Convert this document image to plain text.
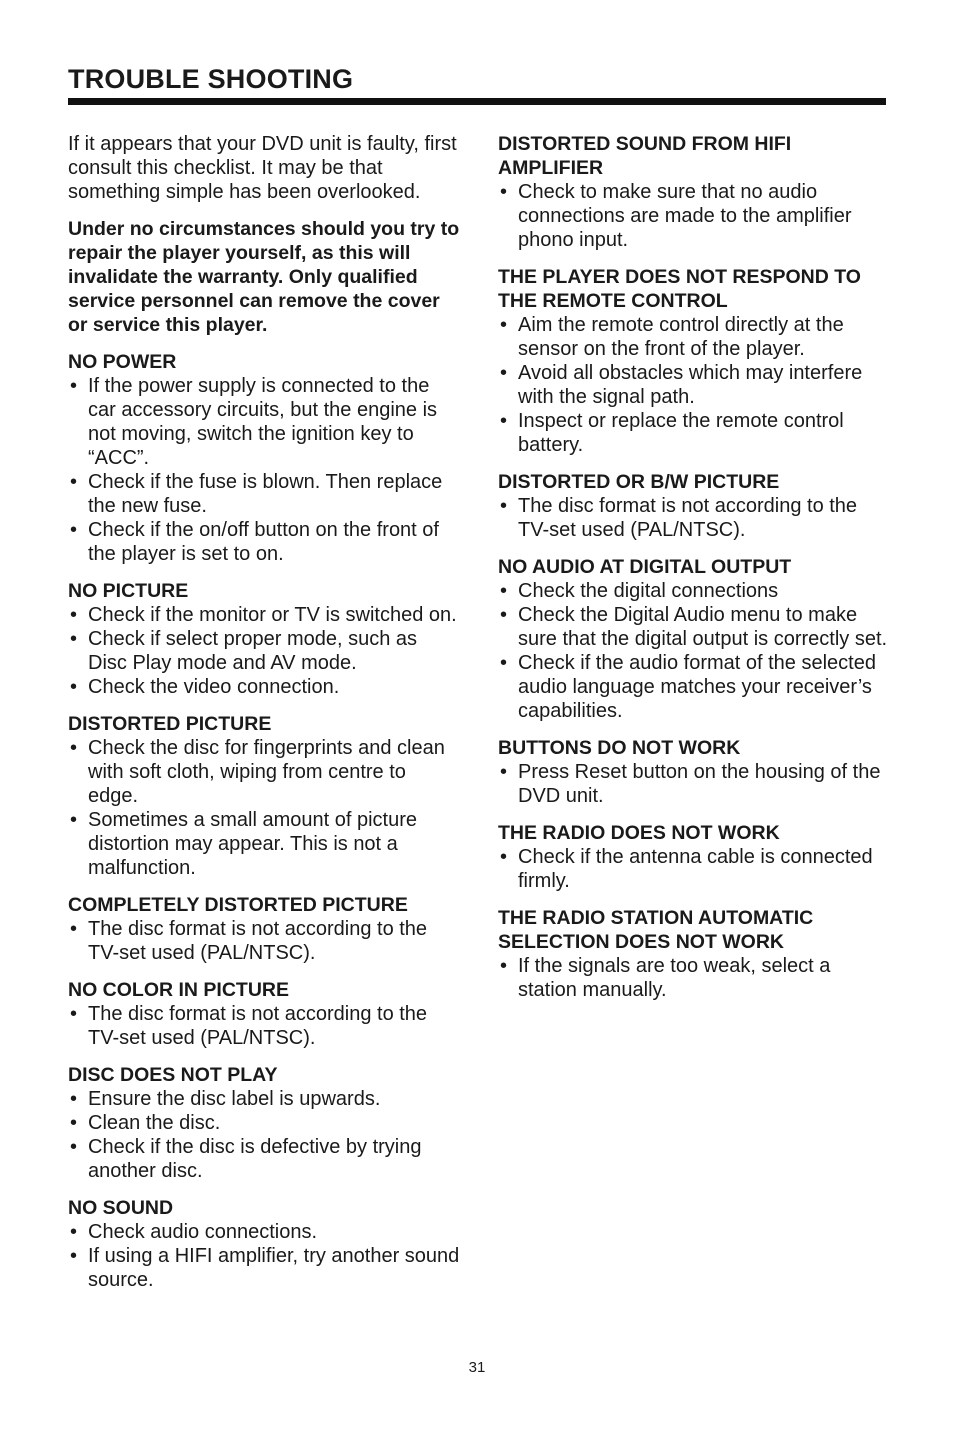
TROUBLE SHOOTING

If it appears that your DVD unit is faulty, first consult this checklist. It may be that something simple has been overlooked.

Under no circumstances should you try to repair the player yourself, as this will invalidate the warranty. Only qualified service personnel can remove the cover or service this player.

NO POWER
• If the power supply is connected to the car accessory circuits, but the engine is not moving, switch the ignition key to “ACC”.
• Check if the fuse is blown. Then replace the new fuse.
• Check if the on/off button on the front of the player is set to on.
NO PICTURE
• Check if the monitor or TV is switched on.
• Check if select proper mode, such as Disc Play mode and AV mode.
• Check the video connection.
DISTORTED PICTURE
• Check the disc for fingerprints and clean with soft cloth, wiping from centre to edge.
• Sometimes a small amount of picture distortion may appear. This is not a malfunction.
COMPLETELY DISTORTED PICTURE
• The disc format is not according to the TV-set used (PAL/NTSC).
NO COLOR IN PICTURE
• The disc format is not according to the TV-set used (PAL/NTSC).
DISC DOES NOT PLAY
• Ensure the disc label is upwards.
• Clean the disc.
• Check if the disc is defective by trying another disc.
NO SOUND
• Check audio connections.
• If using a HIFI amplifier, try another sound source.
DISTORTED SOUND FROM HIFI AMPLIFIER
• Check to make sure that no audio connections are made to the amplifier phono input.
THE PLAYER DOES NOT RESPOND TO THE REMOTE CONTROL
• Aim the remote control directly at the sensor on the front of the player.
• Avoid all obstacles which may interfere with the signal path.
• Inspect or replace the remote control battery.
DISTORTED OR B/W PICTURE
• The disc format is not according to the TV-set used (PAL/NTSC).
NO AUDIO AT DIGITAL OUTPUT
• Check the digital connections
• Check the Digital Audio menu to make sure that the digital output is correctly set.
• Check if the audio format of the selected audio language matches your receiver’s capabilities.
BUTTONS DO NOT WORK
• Press Reset button on the housing of the DVD unit.
THE RADIO DOES NOT WORK
• Check if the antenna cable is connected firmly.
THE RADIO STATION AUTOMATIC SELECTION DOES NOT WORK
• If the signals are too weak, select a station manually.
31
